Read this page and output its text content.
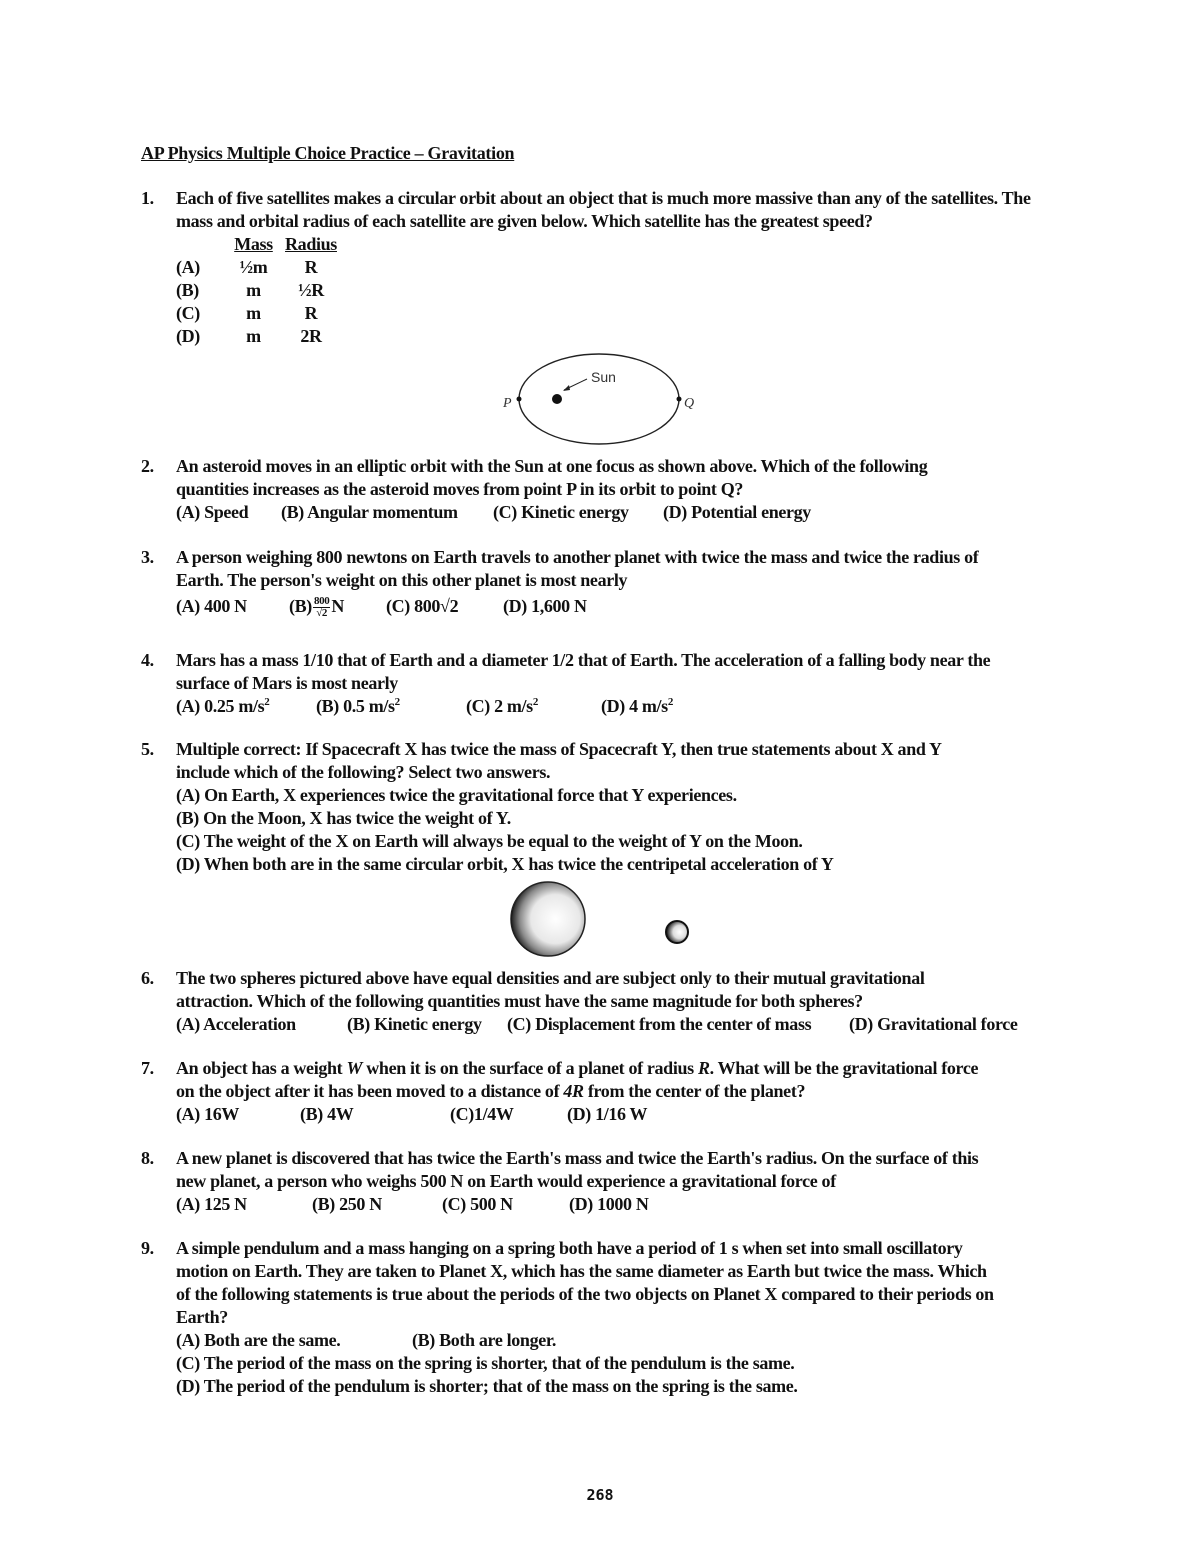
AP Physics Multiple Choice Practice – Gravitation
1.	Each of five satellites makes a circular orbit about an object that is much more massive than any of the satellites. The mass and orbital radius of each satellite are given below. Which satellite has the greatest speed?
Mass Radius
(A)	½m	R
(B)	m	½R
(C)	m	R
(D)	m	2R
Sun
P	Q
2.	An asteroid moves in an elliptic orbit with the Sun at one focus as shown above. Which of the following
quantities increases as the asteroid moves from point P in its orbit to point Q?
(A) Speed (B) Angular momentum (C) Kinetic energy (D) Potential energy
3.	A person weighing 800 newtons on Earth travels to another planet with twice the mass and twice the radius of
Earth. The person's weight on this other planet is most nearly
(A) 400 N $(B) \frac{800}{√2}$ N (C) 800√2 (D) 1,600 N
4.	Mars has a mass 1/10 that of Earth and a diameter 1/2 that of Earth. The acceleration of a falling body near the
surface of Mars is most nearly
(A) 0.25 $m/s^2$	(B) 0.5 $m/s^2$	(C) 2 $m/s^2$	(D) 4 $m/s^2$
5.	Multiple correct: If Spacecraft X has twice the mass of Spacecraft Y, then true statements about X and Y
include which of the following? Select two answers.
(A) On Earth, X experiences twice the gravitational force that Y experiences.
(B) On the Moon, X has twice the weight of Y.
(C) The weight of the X on Earth will always be equal to the weight of Y on the Moon.
(D) When both are in the same circular orbit, X has twice the centripetal acceleration of Y
6.	The two spheres pictured above have equal densities and are subject only to their mutual gravitational
attraction. Which of the following quantities must have the same magnitude for both spheres?
(A) Acceleration	(B) Kinetic energy (C) Displacement from the center of mass (D) Gravitational force
7.	An object has a weight W when it is on the surface of a planet of radius R. What will be the gravitational force
on the object after it has been moved to a distance of 4R from the center of the planet?
(A) 16W	(B) 4W	(C)1/4W	(D) 1/16 W
8.	A new planet is discovered that has twice the Earth's mass and twice the Earth's radius. On the surface of this
new planet, a person who weighs 500 N on Earth would experience a gravitational force of
(A) 125 N	(B) 250 N	(C) 500 N	(D) 1000 N
9.	A simple pendulum and a mass hanging on a spring both have a period of 1 s when set into small oscillatory
motion on Earth. They are taken to Planet X, which has the same diameter as Earth but twice the mass. Which
of the following statements is true about the periods of the two objects on Planet X compared to their periods on
Earth?
(A) Both are the same.	(B) Both are longer.
(C) The period of the mass on the spring is shorter, that of the pendulum is the same.
(D) The period of the pendulum is shorter; that of the mass on the spring is the same.
268
